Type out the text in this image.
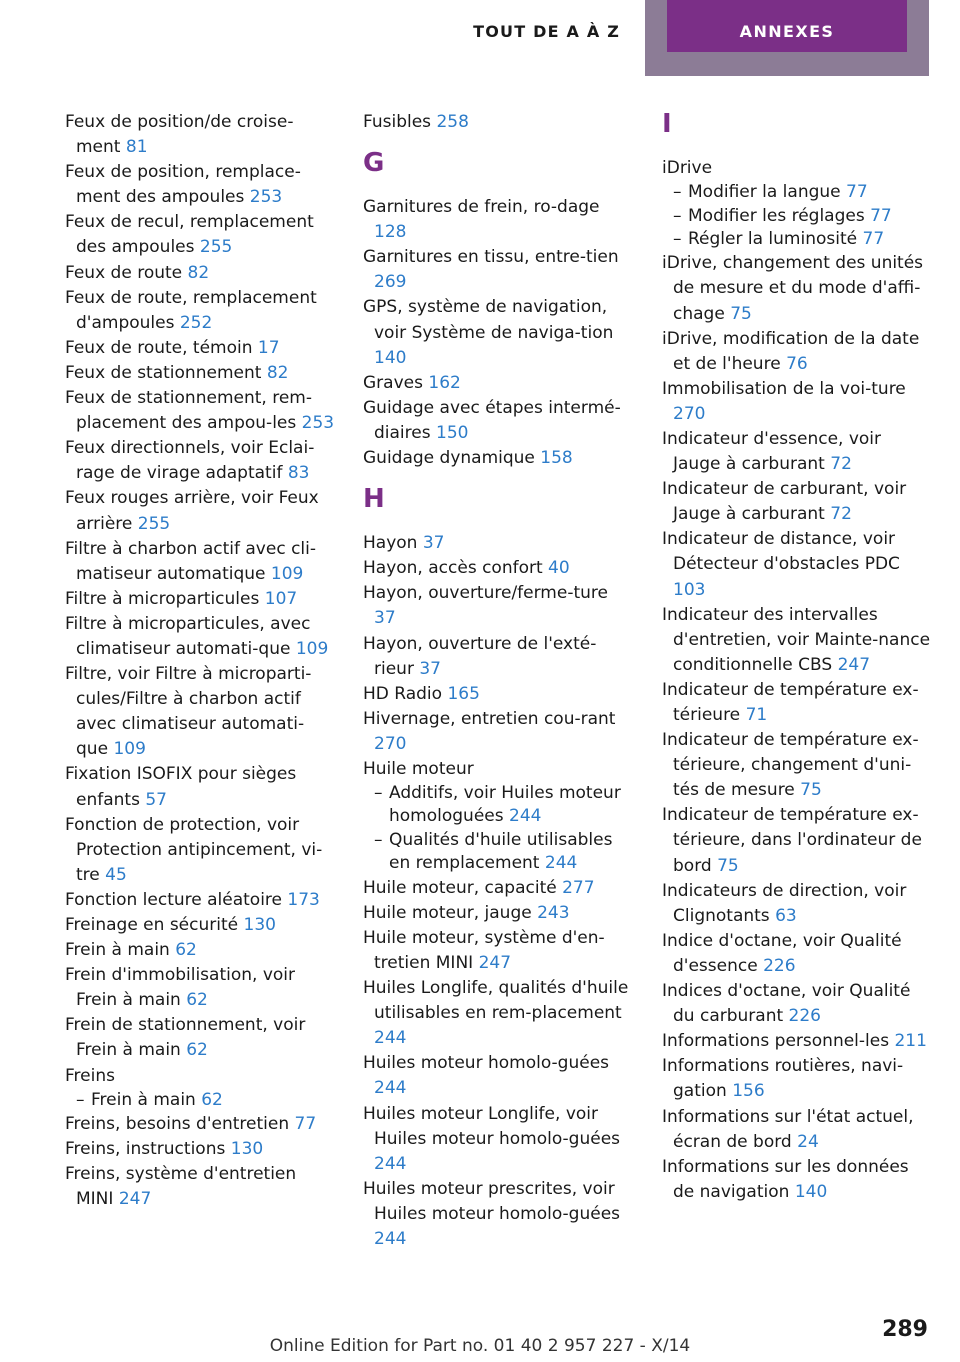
TOUT DE A À Z	ANNEXES
Feux de position/de croise-ment 81
Feux de position, remplace-ment des ampoules 253
Feux de recul, remplacement des ampoules 255
Feux de route 82
Feux de route, remplacement d'ampoules 252
Feux de route, témoin 17
Feux de stationnement 82
Feux de stationnement, rem-placement des ampou-les 253
Feux directionnels, voir Eclai-rage de virage adaptatif 83
Feux rouges arrière, voir Feux arrière 255
Filtre à charbon actif avec cli-matiseur automatique 109
Filtre à microparticules 107
Filtre à microparticules, avec climatiseur automati-que 109
Filtre, voir Filtre à microparti-cules/Filtre à charbon actif avec climatiseur automati-que 109
Fixation ISOFIX pour sièges enfants 57
Fonction de protection, voir Protection antipincement, vi-tre 45
Fonction lecture aléatoire 173
Freinage en sécurité 130
Frein à main 62
Frein d'immobilisation, voir Frein à main 62
Frein de stationnement, voir Frein à main 62
Freins
–Frein à main 62
Freins, besoins d'entretien 77
Freins, instructions 130
Freins, système d'entretien MINI 247
Fusibles 258
G
Garnitures de frein, ro-dage 128
Garnitures en tissu, entre-tien 269
GPS, système de navigation, voir Système de naviga-tion 140
Graves 162
Guidage avec étapes intermé-diaires 150
Guidage dynamique 158
H
Hayon 37
Hayon, accès confort 40
Hayon, ouverture/ferme-ture 37
Hayon, ouverture de l'exté-rieur 37
HD Radio 165
Hivernage, entretien cou-rant 270
Huile moteur
–Additifs, voir Huiles moteur homologuées 244
–Qualités d'huile utilisables en remplacement 244
Huile moteur, capacité 277
Huile moteur, jauge 243
Huile moteur, système d'en-tretien MINI 247
Huiles Longlife, qualités d'huile utilisables en rem-placement 244
Huiles moteur homolo-guées 244
Huiles moteur Longlife, voir Huiles moteur homolo-guées 244
Huiles moteur prescrites, voir Huiles moteur homolo-guées 244
I
iDrive
–Modifier la langue 77
–Modifier les réglages 77
–Régler la luminosité 77
iDrive, changement des unités de mesure et du mode d'affi-chage 75
iDrive, modification de la date et de l'heure 76
Immobilisation de la voi-ture 270
Indicateur d'essence, voir Jauge à carburant 72
Indicateur de carburant, voir Jauge à carburant 72
Indicateur de distance, voir Détecteur d'obstacles PDC 103
Indicateur des intervalles d'entretien, voir Mainte-nance conditionnelle CBS 247
Indicateur de température ex-térieure 71
Indicateur de température ex-térieure, changement d'uni-tés de mesure 75
Indicateur de température ex-térieure, dans l'ordinateur de bord 75
Indicateurs de direction, voir Clignotants 63
Indice d'octane, voir Qualité d'essence 226
Indices d'octane, voir Qualité du carburant 226
Informations personnel-les 211
Informations routières, navi-gation 156
Informations sur l'état actuel, écran de bord 24
Informations sur les données de navigation 140
289
Online Edition for Part no. 01 40 2 957 227 - X/14
